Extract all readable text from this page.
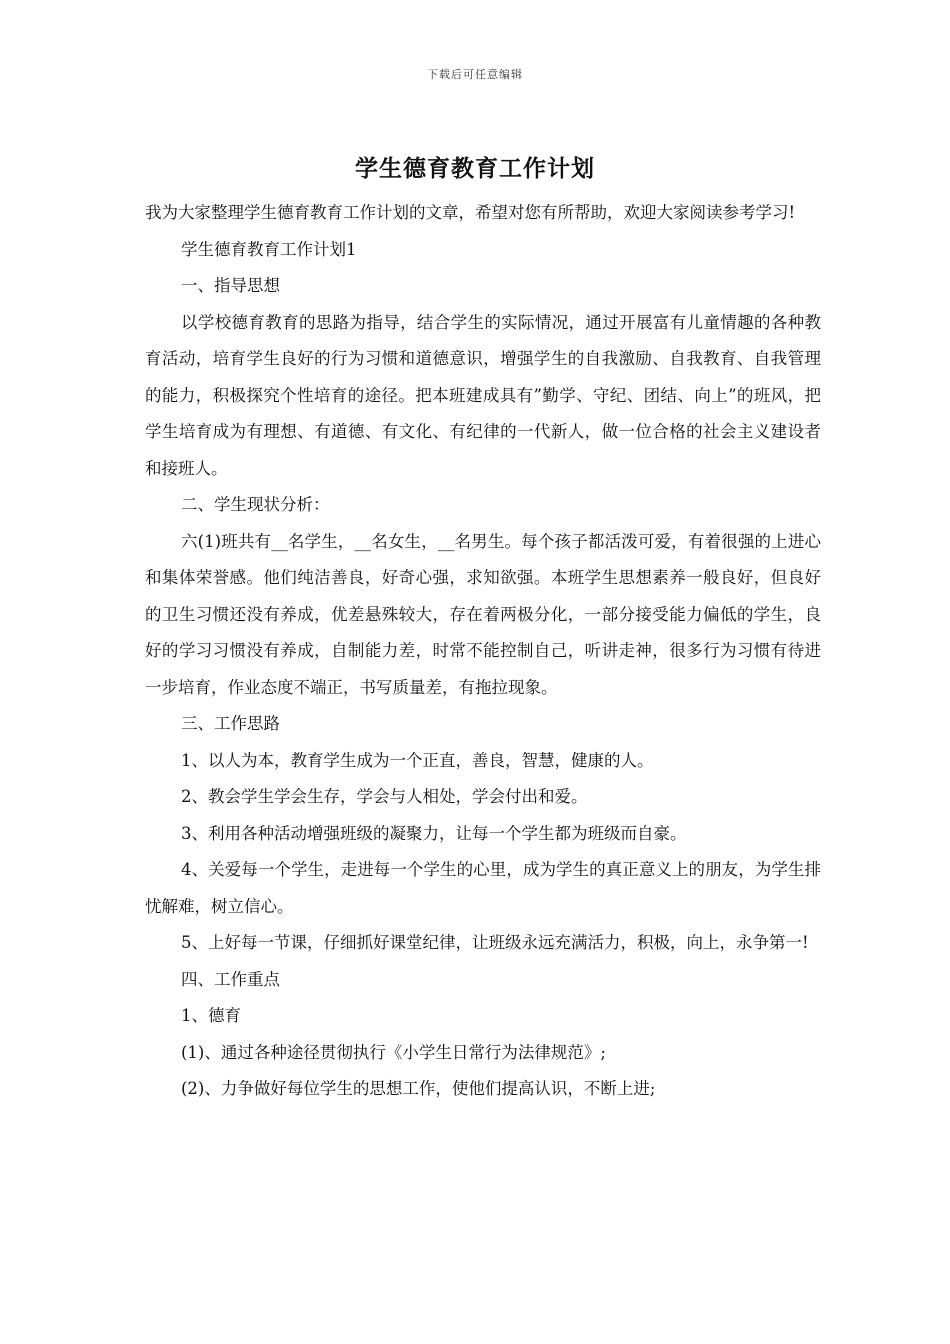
下载后可任意编辑
学生德育教育工作计划

我为大家整理学生德育教育工作计划的文章，希望对您有所帮助，欢迎大家阅读参考学习!

学生德育教育工作计划1

一、指导思想

以学校德育教育的思路为指导，结合学生的实际情况，通过开展富有儿童情趣的各种教育活动，培育学生良好的行为习惯和道德意识，增强学生的自我激励、自我教育、自我管理的能力，积极探究个性培育的途径。把本班建成具有”勤学、守纪、团结、向上”的班风，把学生培育成为有理想、有道德、有文化、有纪律的一代新人，做一位合格的社会主义建设者和接班人。

二、学生现状分析：

六(1)班共有__名学生，__名女生，__名男生。每个孩子都活泼可爱，有着很强的上进心和集体荣誉感。他们纯洁善良，好奇心强，求知欲强。本班学生思想素养一般良好，但良好的卫生习惯还没有养成，优差悬殊较大，存在着两极分化，一部分接受能力偏低的学生，良好的学习习惯没有养成，自制能力差，时常不能控制自己，听讲走神，很多行为习惯有待进一步培育，作业态度不端正，书写质量差，有拖拉现象。

三、工作思路

1、以人为本，教育学生成为一个正直，善良，智慧，健康的人。

2、教会学生学会生存，学会与人相处，学会付出和爱。

3、利用各种活动增强班级的凝聚力，让每一个学生都为班级而自豪。

4、关爱每一个学生，走进每一个学生的心里，成为学生的真正意义上的朋友，为学生排忧解难，树立信心。

5、上好每一节课，仔细抓好课堂纪律，让班级永远充满活力，积极，向上，永争第一!

四、工作重点

1、德育

(1)、通过各种途径贯彻执行《小学生日常行为法律规范》;

(2)、力争做好每位学生的思想工作，使他们提高认识，不断上进;
